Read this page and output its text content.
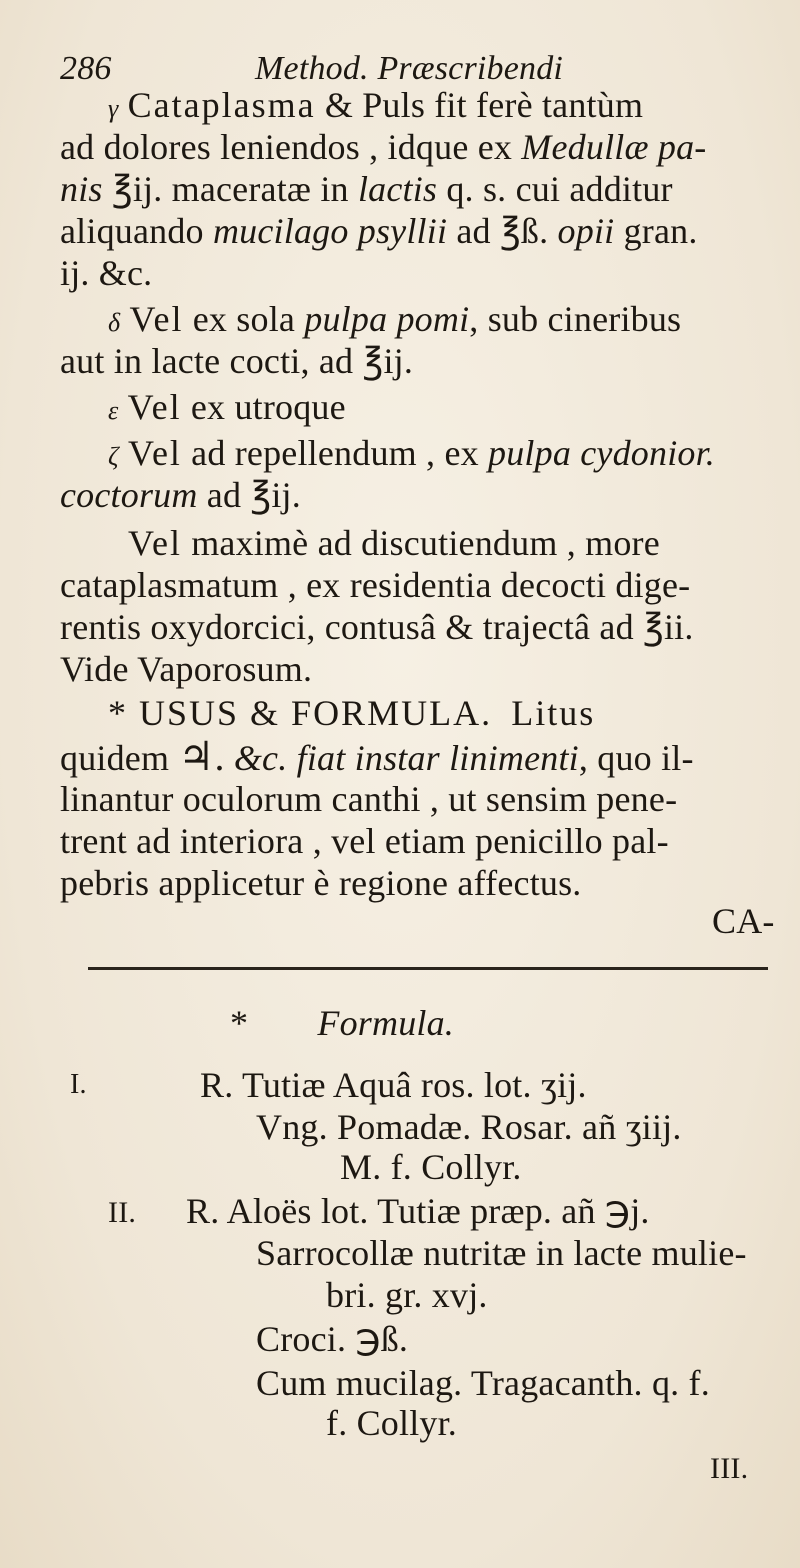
286	Method. Præscribendi
γ Cataplasma & Puls fit ferè tantùm
ad dolores leniendos , idque ex Medullæ pa-
nis ℥ij. maceratæ in lactis q. s. cui additur
aliquando mucilago psyllii ad ℥ß. opii gran.
ij. &c.
δ Vel ex sola pulpa pomi, sub cineribus
aut in lacte cocti, ad ℥ij.
ε Vel ex utroque
ζ Vel ad repellendum , ex pulpa cydonior.
coctorum ad ℥ij.
Vel maximè ad discutiendum , more
cataplasmatum , ex residentia decocti dige-
rentis oxydorcici, contusâ & trajectâ ad ℥ii.
Vide Vaporosum.
* USUS & FORMULA. Litus
quidem ♃. &c. fiat instar linimenti, quo il-
linantur oculorum canthi , ut sensim pene-
trent ad interiora , vel etiam penicillo pal-
pebris applicetur è regione affectus.
CA-
* Formula.
I.	R. Tutiæ Aquâ ros. lot. ʒij.
Vng. Pomadæ. Rosar. añ ʒiij.
M. f. Collyr.
II. R. Aloës lot. Tutiæ præp. añ ℈j.
Sarrocollæ nutritæ in lacte mulie-
bri. gr. xvj.
Croci. ℈ß.
Cum mucilag. Tragacanth. q. f.
f. Collyr.
III.
